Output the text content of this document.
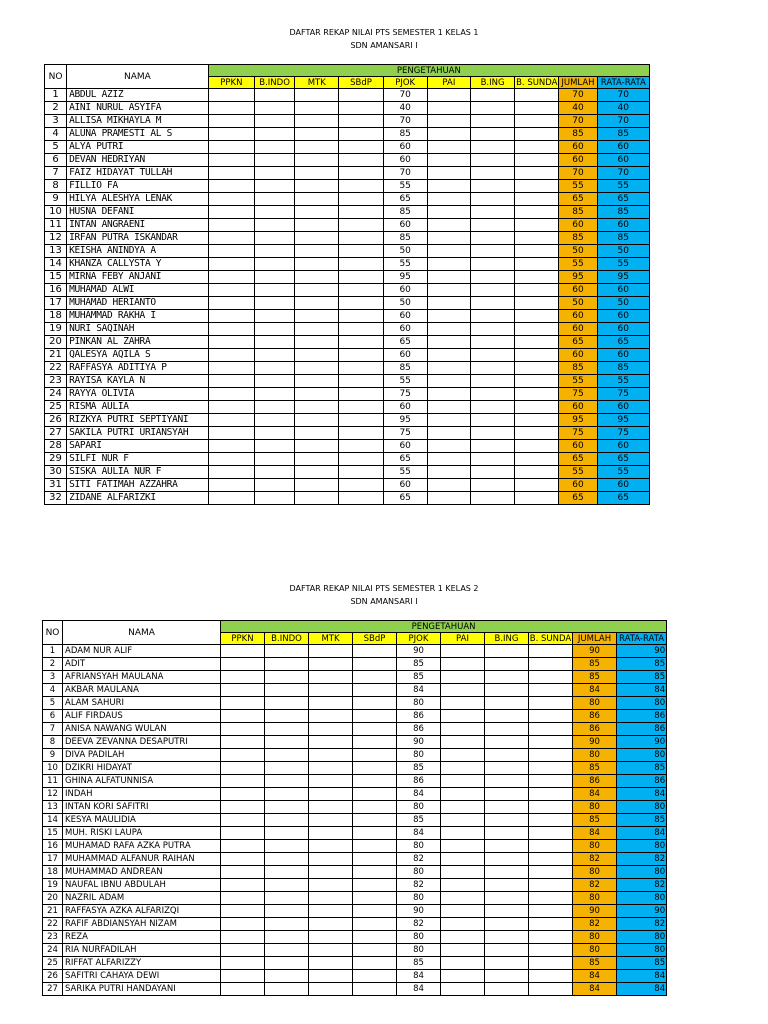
DAFTAR REKAP NILAI PTS SEMESTER 1 KELAS 1
SDN AMANSARI I
NO	NAMA	PENGETAHUAN									
		PPKN	B.INDO	MTK	SBdP	PJOK	PAI	B.ING	B. SUNDA	JUMLAH	RATA-RATA
1	ABDUL AZIZ					70				70	70
2	AINI NURUL ASYIFA					40				40	40
3	ALLISA MIKHAYLA M					70				70	70
4	ALUNA PRAMESTI AL S					85				85	85
5	ALYA PUTRI					60				60	60
6	DEVAN HEDRIYAN					60				60	60
7	FAIZ HIDAYAT TULLAH					70				70	70
8	FILLIO FA					55				55	55
9	HILYA ALESHYA LENAK					65				65	65
10	HUSNA DEFANI					85				85	85
11	INTAN ANGRAENI					60				60	60
12	IRFAN PUTRA ISKANDAR					85				85	85
13	KEISHA ANINDYA A					50				50	50
14	KHANZA CALLYSTA Y					55				55	55
15	MIRNA FEBY ANJANI					95				95	95
16	MUHAMAD ALWI					60				60	60
17	MUHAMAD HERIANTO					50				50	50
18	MUHAMMAD RAKHA I					60				60	60
19	NURI SAQINAH					60				60	60
20	PINKAN AL ZAHRA					65				65	65
21	QALESYA AQILA S					60				60	60
22	RAFFASYA ADITIYA P					85				85	85
23	RAYISA KAYLA N					55				55	55
24	RAYYA OLIVIA					75				75	75
25	RISMA AULIA					60				60	60
26	RIZKYA PUTRI SEPTIYANI					95				95	95
27	SAKILA PUTRI URIANSYAH					75				75	75
28	SAPARI					60				60	60
29	SILFI NUR F					65				65	65
30	SISKA AULIA NUR F					55				55	55
31	SITI FATIMAH AZZAHRA					60				60	60
32	ZIDANE ALFARIZKI					65				65	65
DAFTAR REKAP NILAI PTS SEMESTER 1 KELAS 2
SDN AMANSARI I
NO	NAMA	PENGETAHUAN									
		PPKN	B.INDO	MTK	SBdP	PJOK	PAI	B.ING	B. SUNDA	JUMLAH	RATA-RATA
1	ADAM NUR ALIF					90				90	90
2	ADIT					85				85	85
3	AFRIANSYAH MAULANA					85				85	85
4	AKBAR MAULANA					84				84	84
5	ALAM SAHURI					80				80	80
6	ALIF FIRDAUS					86				86	86
7	ANISA NAWANG WULAN					86				86	86
8	DEEVA ZEVANNA DESAPUTRI					90				90	90
9	DIVA PADILAH					80				80	80
10	DZIKRI HIDAYAT					85				85	85
11	GHINA ALFATUNNISA					86				86	86
12	INDAH					84				84	84
13	INTAN KORI SAFITRI					80				80	80
14	KESYA MAULIDIA					85				85	85
15	MUH. RISKI LAUPA					84				84	84
16	MUHAMAD RAFA AZKA PUTRA					80				80	80
17	MUHAMMAD ALFANUR RAIHAN					82				82	82
18	MUHAMMAD ANDREAN					80				80	80
19	NAUFAL IBNU ABDULAH					82				82	82
20	NAZRIL ADAM					80				80	80
21	RAFFASYA AZKA ALFARIZQI					90				90	90
22	RAFIF ABDIANSYAH NIZAM					82				82	82
23	REZA					80				80	80
24	RIA NURFADILAH					80				80	80
25	RIFFAT ALFARIZZY					85				85	85
26	SAFITRI CAHAYA DEWI					84				84	84
27	SARIKA PUTRI HANDAYANI					84				84	84
